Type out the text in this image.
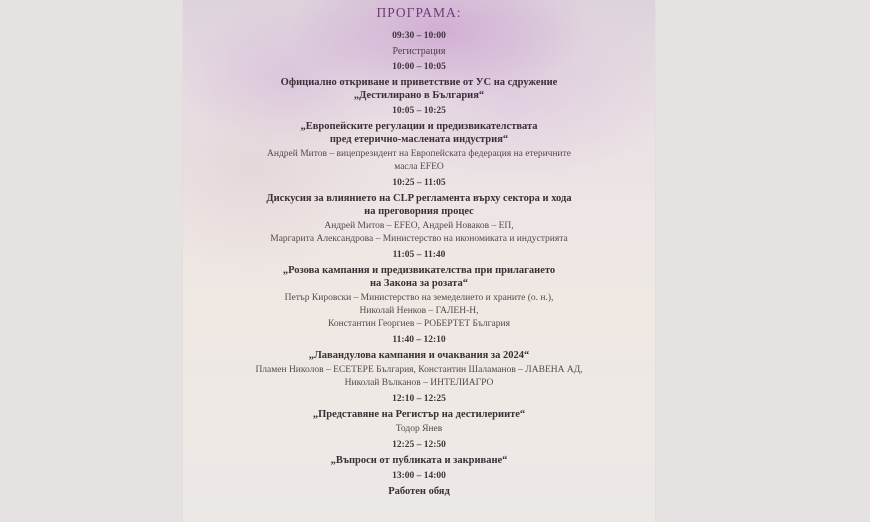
ПРОГРАМА:
09:30 – 10:00
Регистрация
10:00 – 10:05
Официално откриване и приветствие от УС на сдружение
„Дестилирано в България“
10:05 – 10:25
„Европейските регулации и предизвикателствата
пред етерично-маслената индустрия“
Андрей Митов – вицепрезидент на Европейската федерация на етеричните
масла EFEO
10:25 – 11:05
Дискусия за влиянието на CLP регламента върху сектора и хода
на преговорния процес
Андрей Митов – EFEO, Андрей Новаков – ЕП,
Маргарита Александрова – Министерство на икономиката и индустрията
11:05 – 11:40
„Розова кампания и предизвикателства при прилагането
на Закона за розата“
Петър Кировски – Министерство на земеделието и храните (о. н.),
Николай Ненков – ГАЛЕН-Н,
Константин Георгиев – РОБЕРТЕТ България
11:40 – 12:10
„Лавандулова кампания и очаквания за 2024“
Пламен Николов – ЕСЕТЕРЕ България, Константин Шаламанов – ЛАВЕНА АД,
Николай Вълканов – ИНТЕЛИАГРО
12:10 – 12:25
„Представяне на Регистър на дестилериите“
Тодор Янев
12:25 – 12:50
„Въпроси от публиката и закриване“
13:00 – 14:00
Работен обяд
